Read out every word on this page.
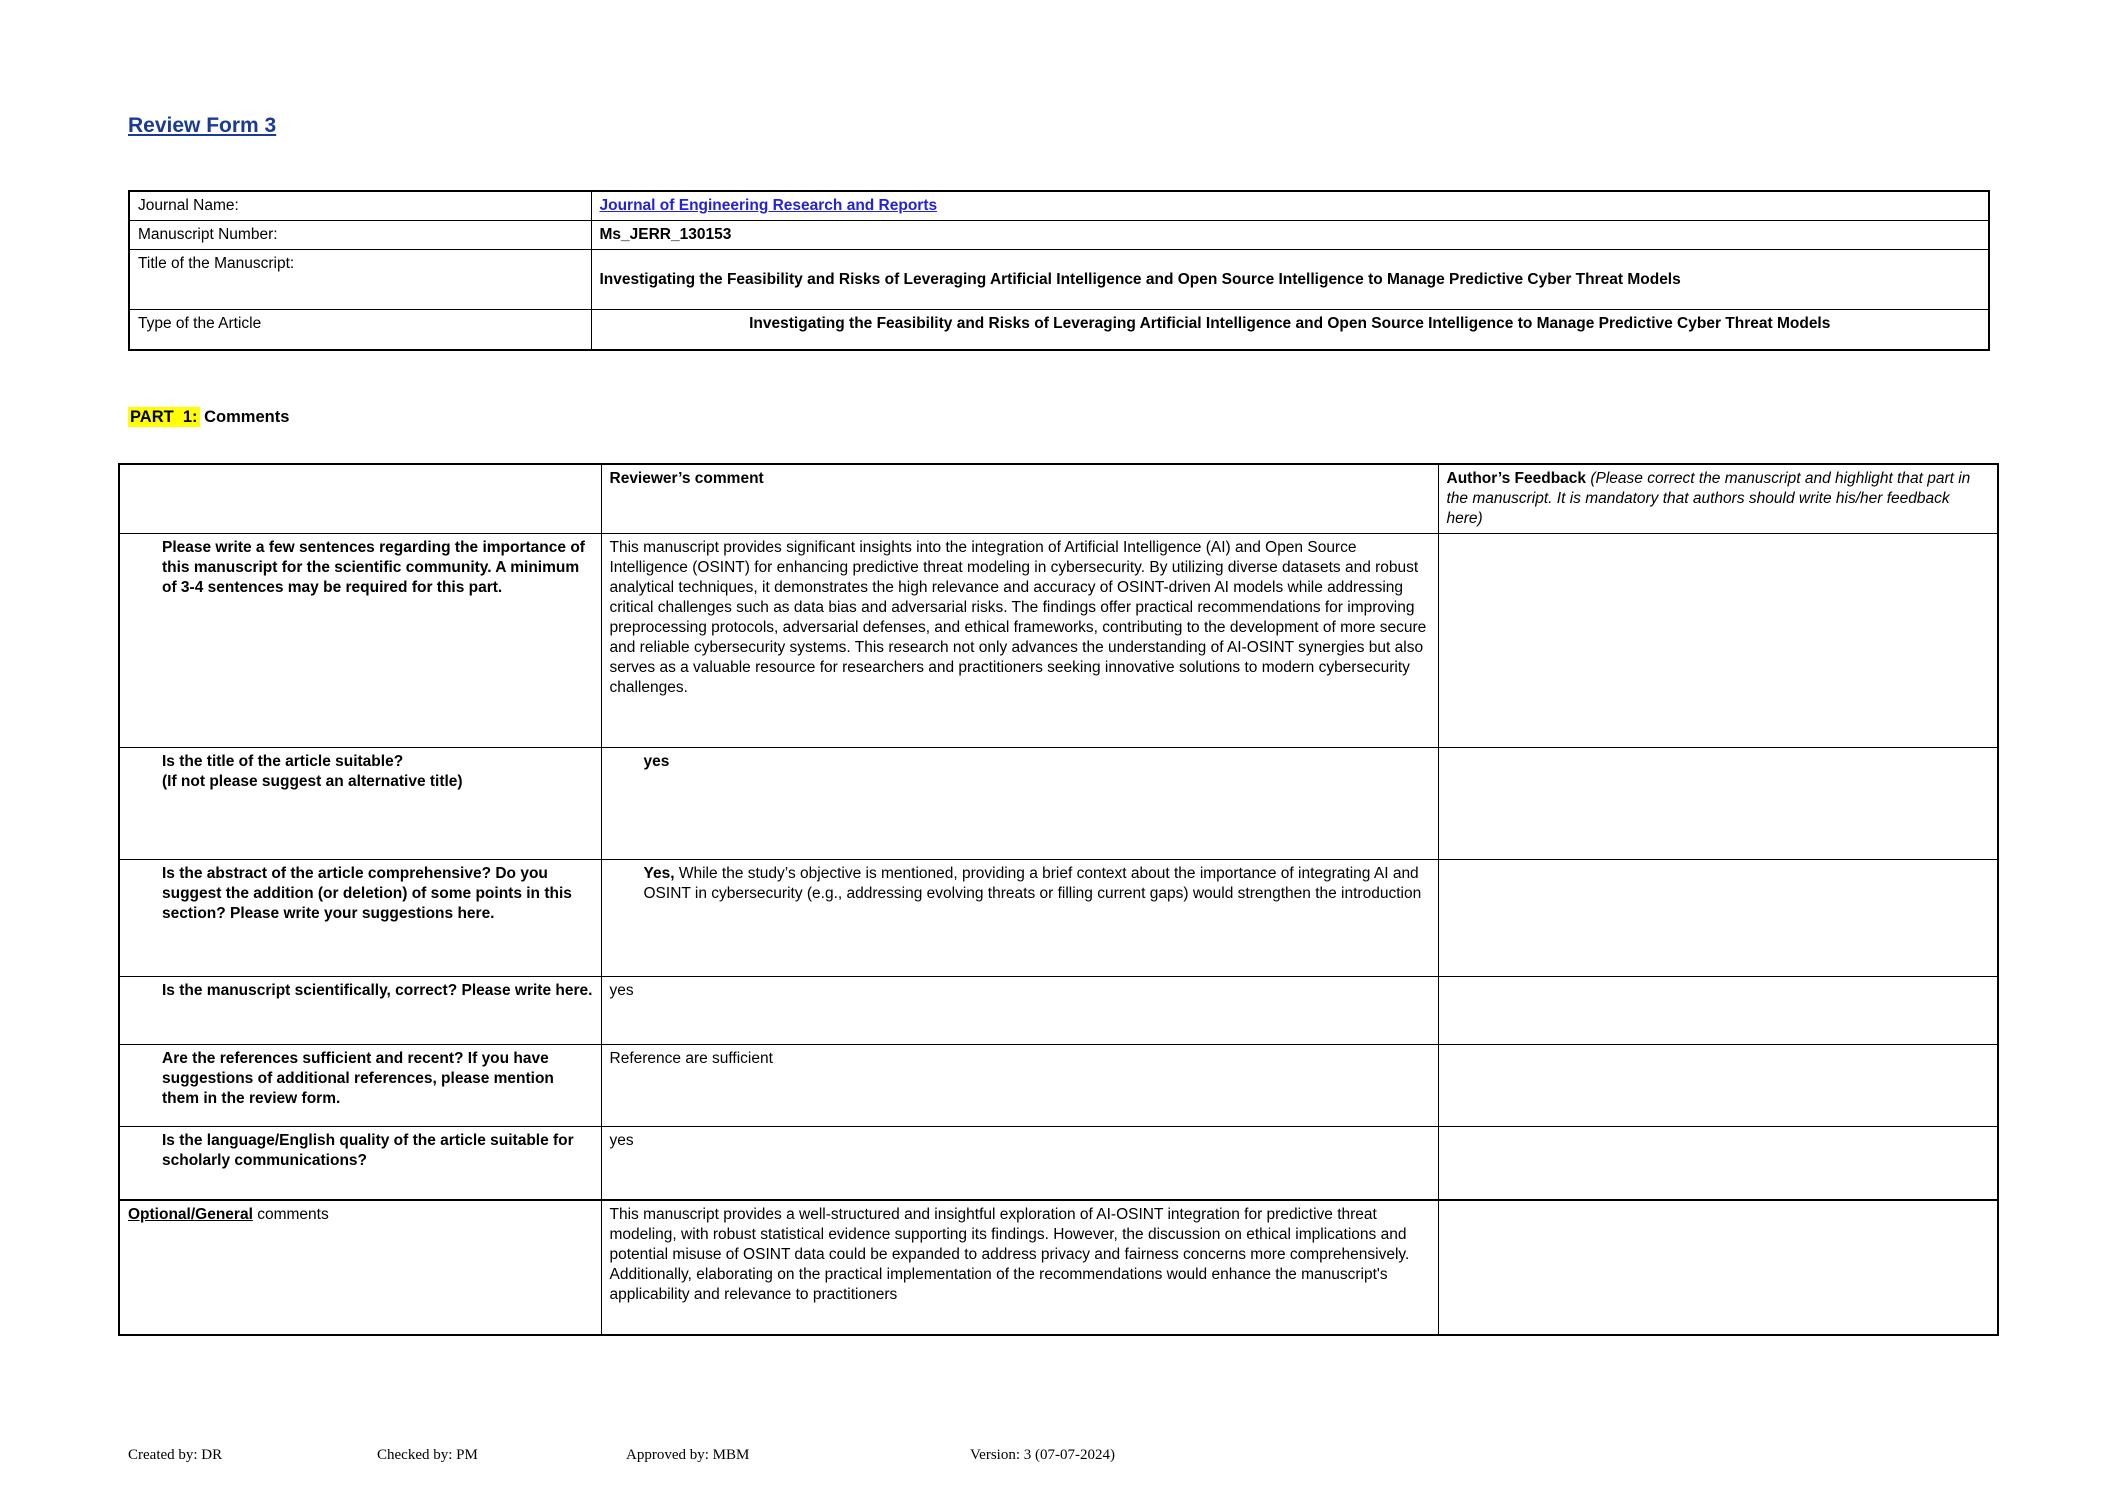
Review Form 3
Journal Name:	Journal of Engineering Research and Reports
Manuscript Number:	Ms_JERR_130153
Title of the Manuscript:	Investigating the Feasibility and Risks of Leveraging Artificial Intelligence and Open Source Intelligence to Manage Predictive Cyber Threat Models
Type of the Article	Investigating the Feasibility and Risks of Leveraging Artificial Intelligence and Open Source Intelligence to Manage Predictive Cyber Threat Models
PART  1: Comments
	Reviewer’s comment	Author’s Feedback (Please correct the manuscript and highlight that part in the manuscript. It is mandatory that authors should write his/her feedback here)
Please write a few sentences regarding the importance of this manuscript for the scientific community. A minimum of 3-4 sentences may be required for this part.	This manuscript provides significant insights into the integration of Artificial Intelligence (AI) and Open Source Intelligence (OSINT) for enhancing predictive threat modeling in cybersecurity. By utilizing diverse datasets and robust analytical techniques, it demonstrates the high relevance and accuracy of OSINT-driven AI models while addressing critical challenges such as data bias and adversarial risks. The findings offer practical recommendations for improving preprocessing protocols, adversarial defenses, and ethical frameworks, contributing to the development of more secure and reliable cybersecurity systems. This research not only advances the understanding of AI-OSINT synergies but also serves as a valuable resource for researchers and practitioners seeking innovative solutions to modern cybersecurity challenges.	

Is the title of the article suitable?
(If not please suggest an alternative title)	yes	
Is the abstract of the article comprehensive? Do you suggest the addition (or deletion) of some points in this section? Please write your suggestions here.	Yes, While the study’s objective is mentioned, providing a brief context about the importance of integrating AI and OSINT in cybersecurity (e.g., addressing evolving threats or filling current gaps) would strengthen the introduction	
Is the manuscript scientifically, correct? Please write here.	yes	
Are the references sufficient and recent? If you have suggestions of additional references, please mention them in the review form.	Reference are sufficient	
Is the language/English quality of the article suitable for scholarly communications?	yes	
Optional/General comments	This manuscript provides a well-structured and insightful exploration of AI-OSINT integration for predictive threat modeling, with robust statistical evidence supporting its findings. However, the discussion on ethical implications and potential misuse of OSINT data could be expanded to address privacy and fairness concerns more comprehensively. Additionally, elaborating on the practical implementation of the recommendations would enhance the manuscript's applicability and relevance to practitioners	
Created by: DR	Checked by: PM	Approved by: MBM	Version: 3 (07-07-2024)
